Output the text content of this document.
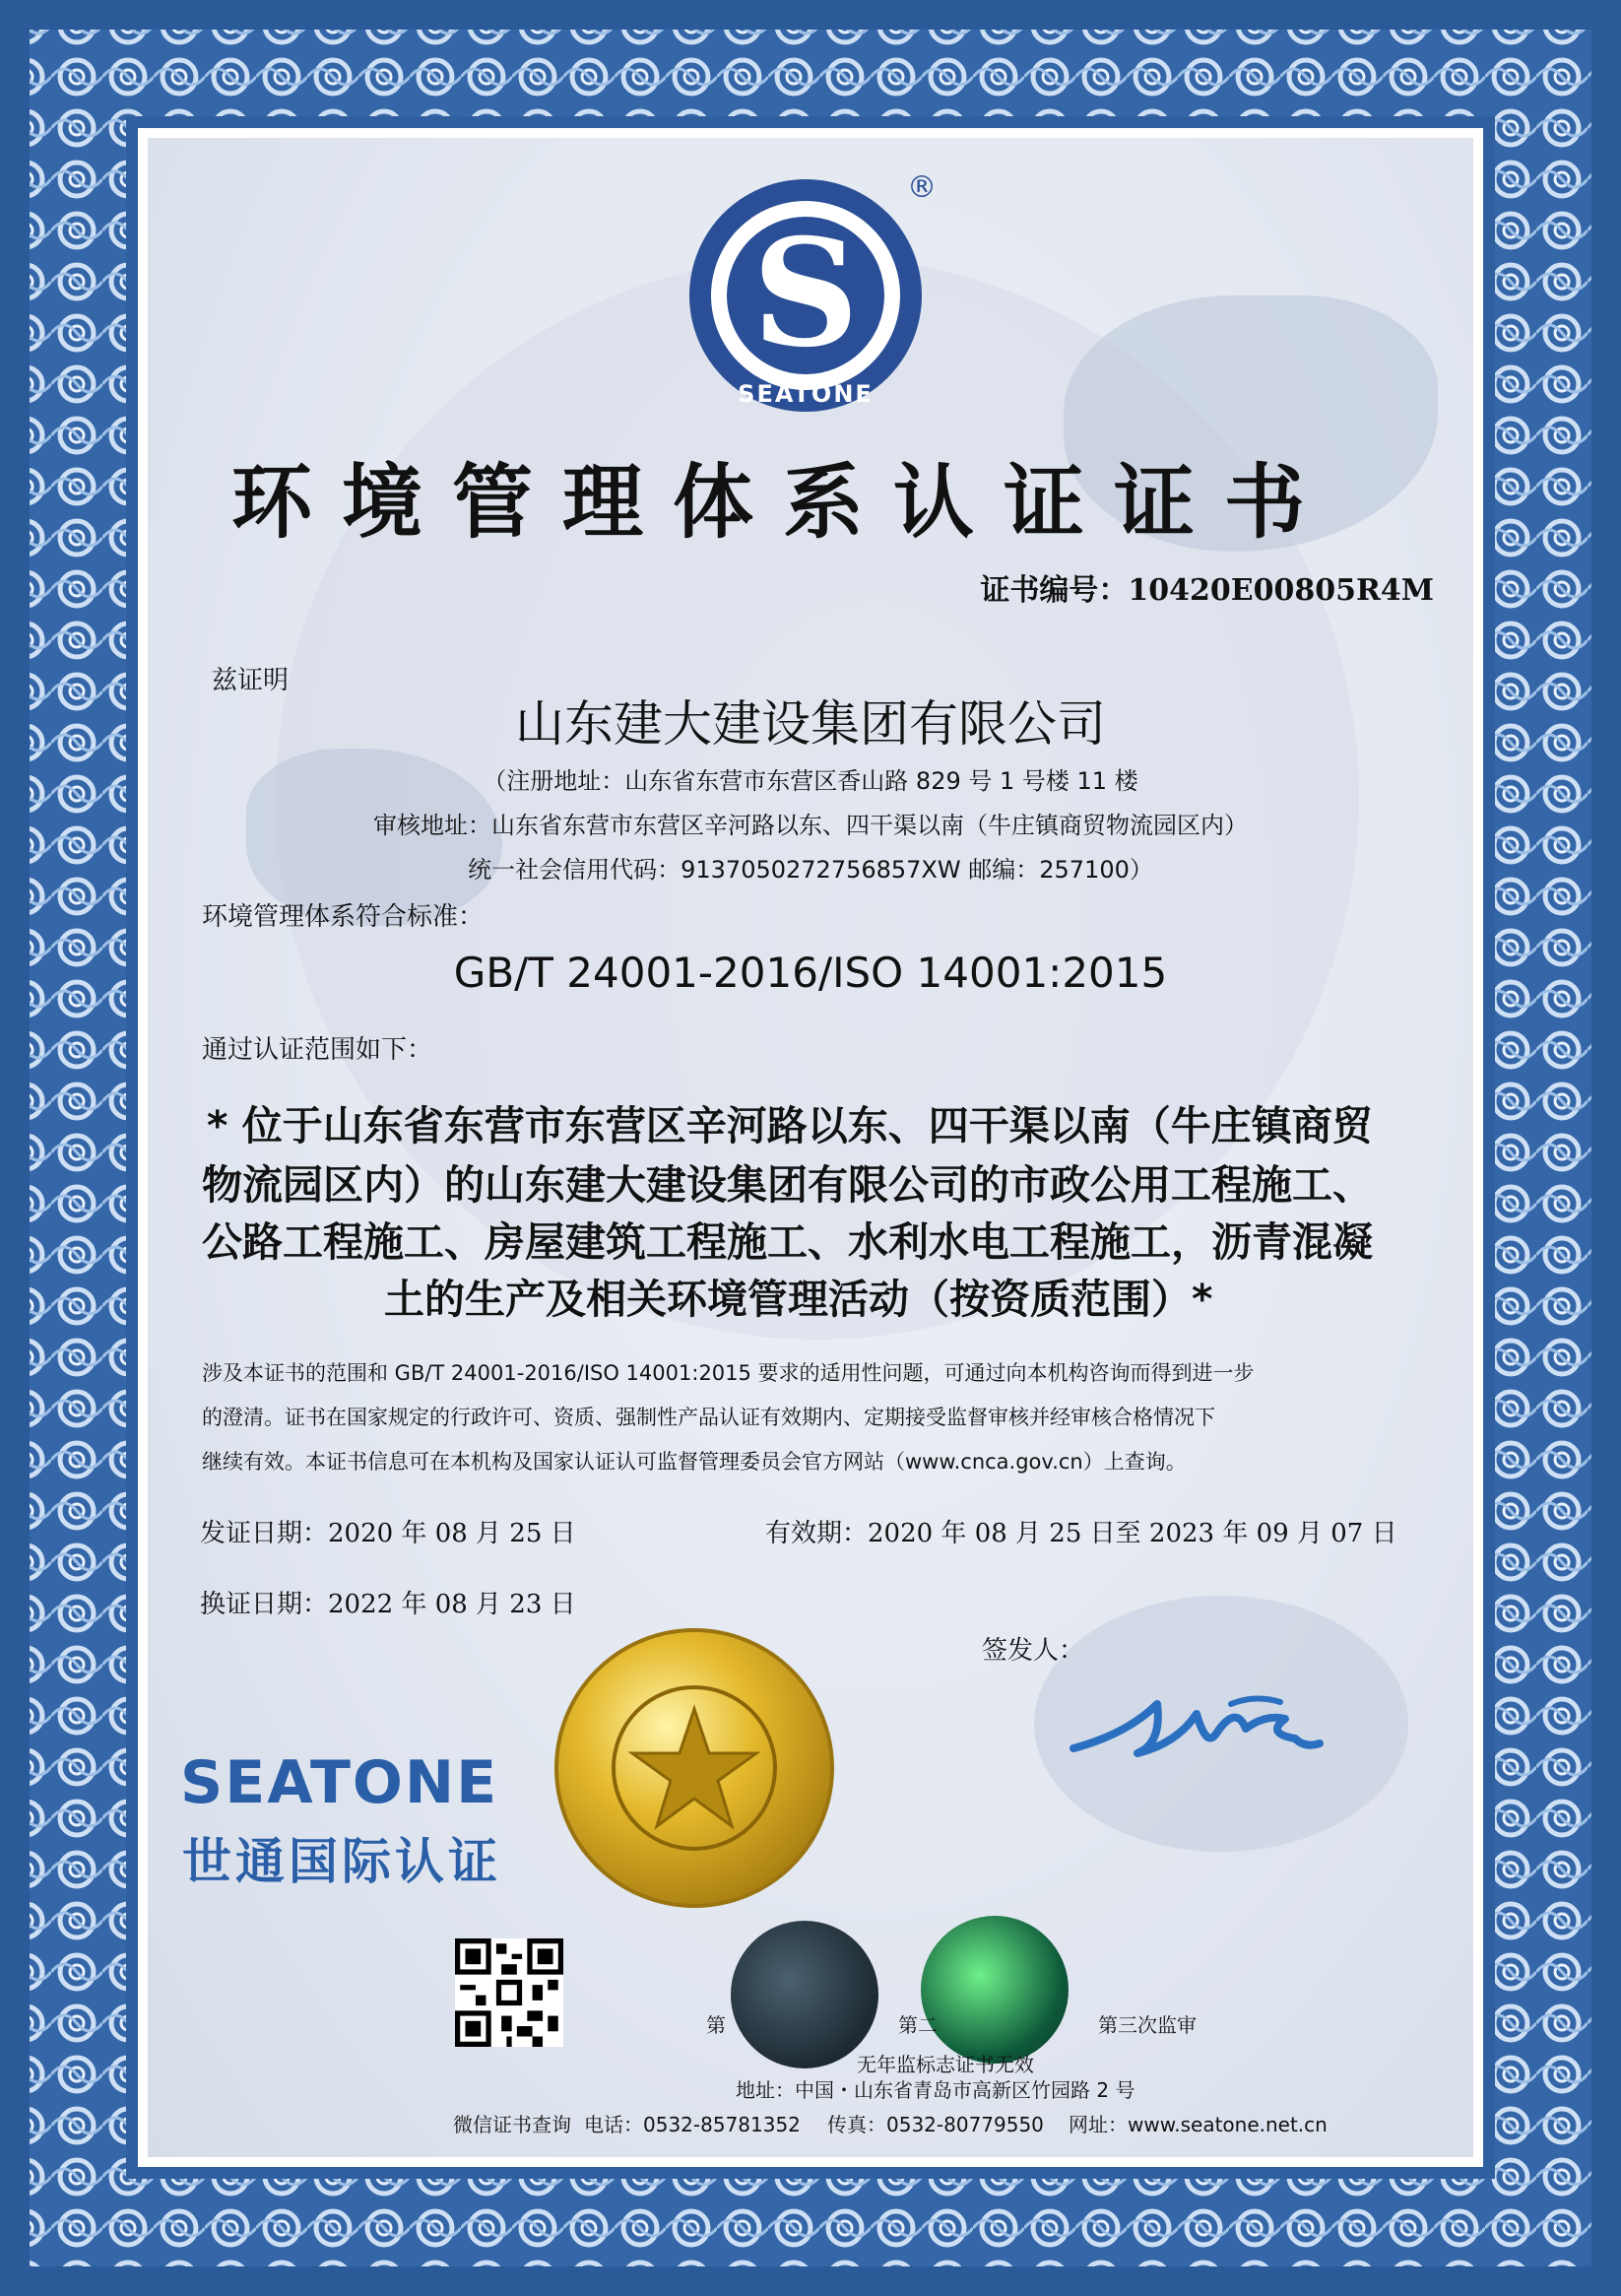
S
SEATONE
®
环境管理体系认证证书
证书编号：10420E00805R4M
兹证明
山东建大建设集团有限公司
（注册地址：山东省东营市东营区香山路 829 号 1 号楼 11 楼
审核地址：山东省东营市东营区辛河路以东、四干渠以南（牛庄镇商贸物流园区内）
统一社会信用代码：913705027275685​7XW 邮编：257100）
环境管理体系符合标准：
GB/T 24001-2016/ISO 14001:2015
通过认证范围如下：
* 位于山东省东营市东营区辛河路以东、四干渠以南（牛庄镇商贸
物流园区内）的山东建大建设集团有限公司的市政公用工程施工、
公路工程施工、房屋建筑工程施工、水利水电工程施工，沥青混凝
土的生产及相关环境管理活动（按资质范围）*
涉及本证书的范围和 GB/T 24001-2016/ISO 14001:2015 要求的适用性问题，可通过向本机构咨询而得到进一步
的澄清。证书在国家规定的行政许可、资质、强制性产品认证有效期内、定期接受监督审核并经审核合格情况下
继续有效。本证书信息可在本机构及国家认证认可监督管理委员会官方网站（www.cnca.gov.cn）上查询。
发证日期：2020 年 08 月 25 日	有效期：2020 年 08 月 25 日至 2023 年 09 月 07 日
换证日期：2022 年 08 月 23 日
签发人：
SEATONE
世通国际认证
第	第二	第三次监审
无年监标志证书无效
地址：中国・山东省青岛市高新区竹园路 2 号
微信证书查询 电话：0532-85781352 传真：0532-80779550 网址：www.seatone.net.cn
